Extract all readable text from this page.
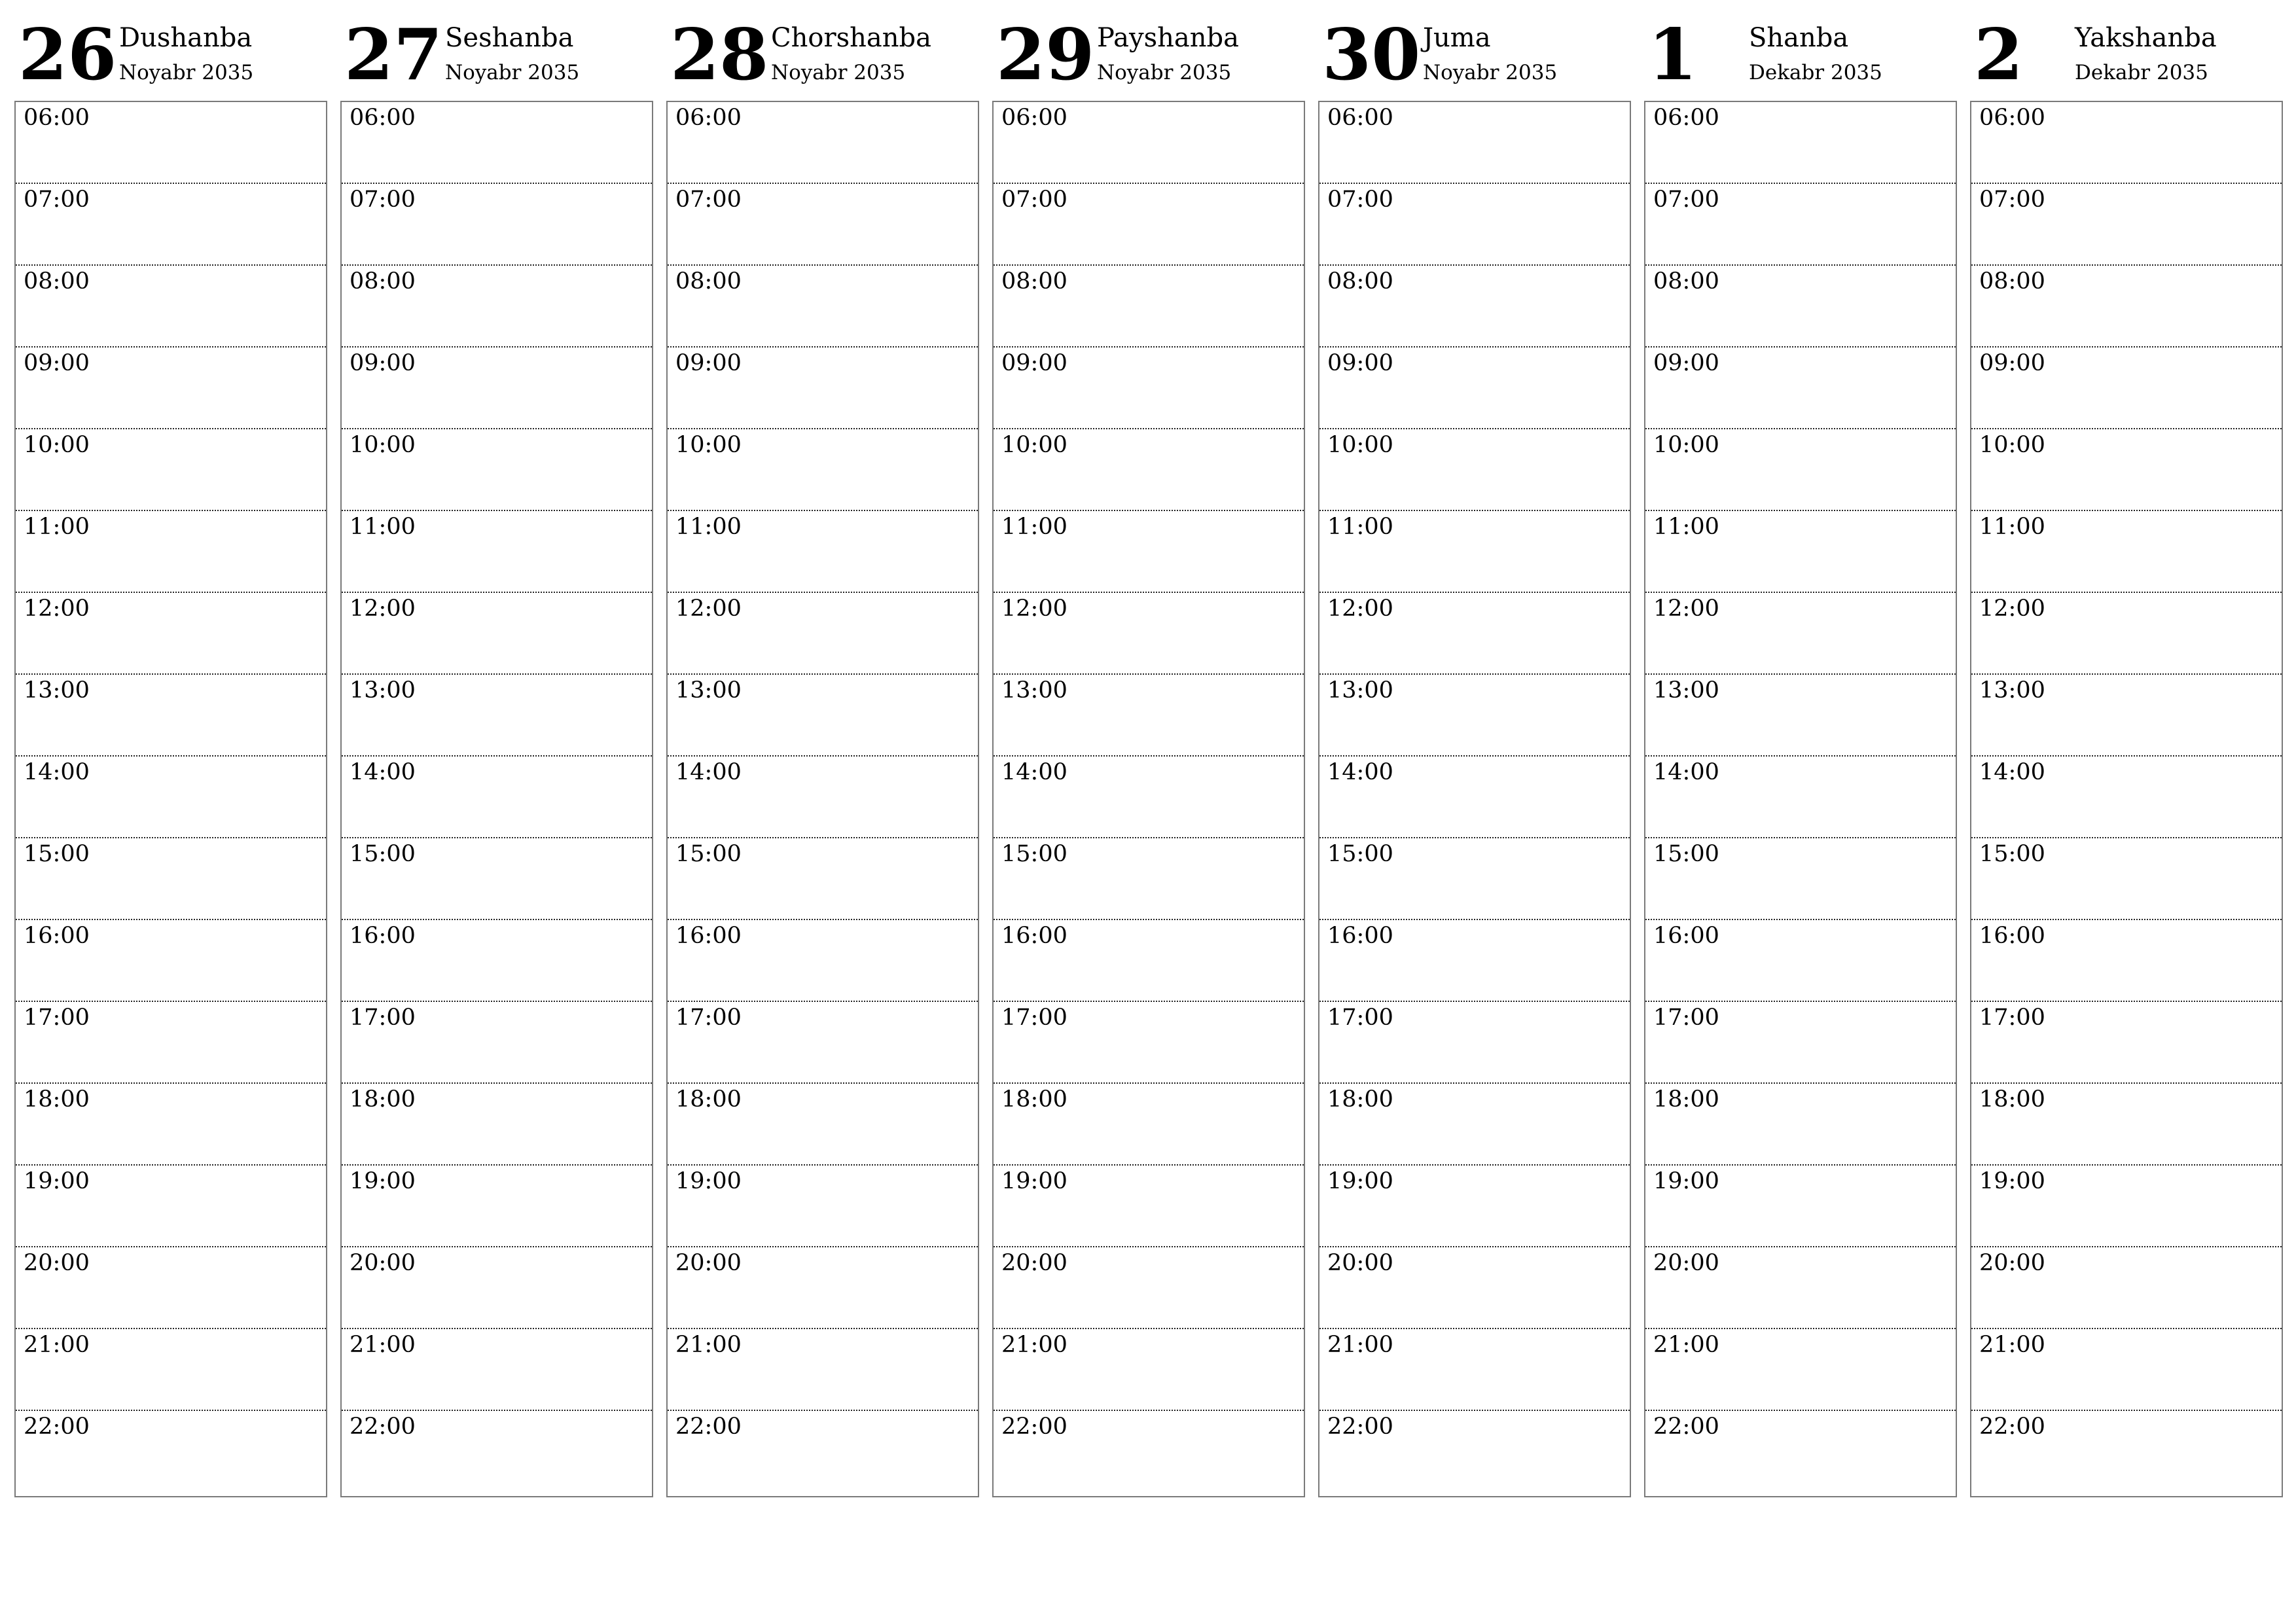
26 Dushanba
Noyabr 2035
06:00
07:00
08:00
09:00
10:00
11:00
12:00
13:00
14:00
15:00
16:00
17:00
18:00
19:00
20:00
21:00
22:00
27 Seshanba
Noyabr 2035
06:00
07:00
08:00
09:00
10:00
11:00
12:00
13:00
14:00
15:00
16:00
17:00
18:00
19:00
20:00
21:00
22:00
28 Chorshanba
Noyabr 2035
06:00
07:00
08:00
09:00
10:00
11:00
12:00
13:00
14:00
15:00
16:00
17:00
18:00
19:00
20:00
21:00
22:00
29 Payshanba
Noyabr 2035
06:00
07:00
08:00
09:00
10:00
11:00
12:00
13:00
14:00
15:00
16:00
17:00
18:00
19:00
20:00
21:00
22:00
30 Juma
Noyabr 2035
06:00
07:00
08:00
09:00
10:00
11:00
12:00
13:00
14:00
15:00
16:00
17:00
18:00
19:00
20:00
21:00
22:00
1 Shanba
Dekabr 2035
06:00
07:00
08:00
09:00
10:00
11:00
12:00
13:00
14:00
15:00
16:00
17:00
18:00
19:00
20:00
21:00
22:00
2 Yakshanba
Dekabr 2035
06:00
07:00
08:00
09:00
10:00
11:00
12:00
13:00
14:00
15:00
16:00
17:00
18:00
19:00
20:00
21:00
22:00
